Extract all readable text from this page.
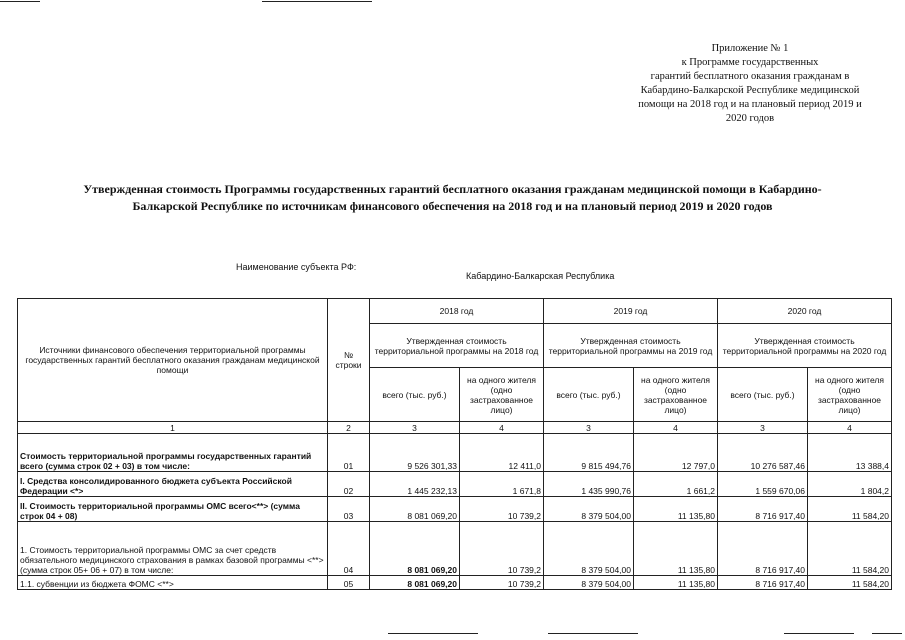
Приложение № 1
к Программе государственных
гарантий бесплатного оказания гражданам в
Кабардино-Балкарской Республике медицинской
помощи на 2018 год и на плановый период 2019 и
2020 годов
Утвержденная стоимость Программы государственных гарантий бесплатного оказания гражданам медицинской помощи в Кабардино-
Балкарской Республике по источникам финансового обеспечения на 2018 год и на плановый период 2019 и 2020 годов
Наименование субъекта РФ:
Кабардино-Балкарская Республика
Источники финансового обеспечения территориальной программы государственных гарантий бесплатного оказания гражданам медицинской помощи	№ строки	2018 год		2019 год		2020 год	
		Утвержденная стоимость территориальной программы на 2018 год		Утвержденная стоимость территориальной программы на 2019 год		Утвержденная стоимость территориальной программы на 2020 год	
		всего (тыс. руб.)	на одного жителя (одно застрахованное лицо)	всего (тыс. руб.)	на одного жителя (одно застрахованное лицо)	всего (тыс. руб.)	на одного жителя (одно застрахованное лицо)
1	2	3	4	3	4	3	4
Стоимость территориальной программы государственных гарантий всего (сумма строк 02 + 03) в том числе:	01	9 526 301,33	12 411,0	9 815 494,76	12 797,0	10 276 587,46	13 388,4
I. Средства консолидированного бюджета субъекта Российской Федерации <*>	02	1 445 232,13	1 671,8	1 435 990,76	1 661,2	1 559 670,06	1 804,2
II. Стоимость территориальной программы ОМС всего<**> (сумма строк 04 + 08)	03	8 081 069,20	10 739,2	8 379 504,00	11 135,80	8 716 917,40	11 584,20
1. Стоимость территориальной программы ОМС за счет средств обязательного медицинского страхования в рамках базовой программы <**> (сумма строк 05+ 06 + 07) в том числе:	04	8 081 069,20	10 739,2	8 379 504,00	11 135,80	8 716 917,40	11 584,20
1.1. субвенции из бюджета ФОМС <**>	05	8 081 069,20	10 739,2	8 379 504,00	11 135,80	8 716 917,40	11 584,20
